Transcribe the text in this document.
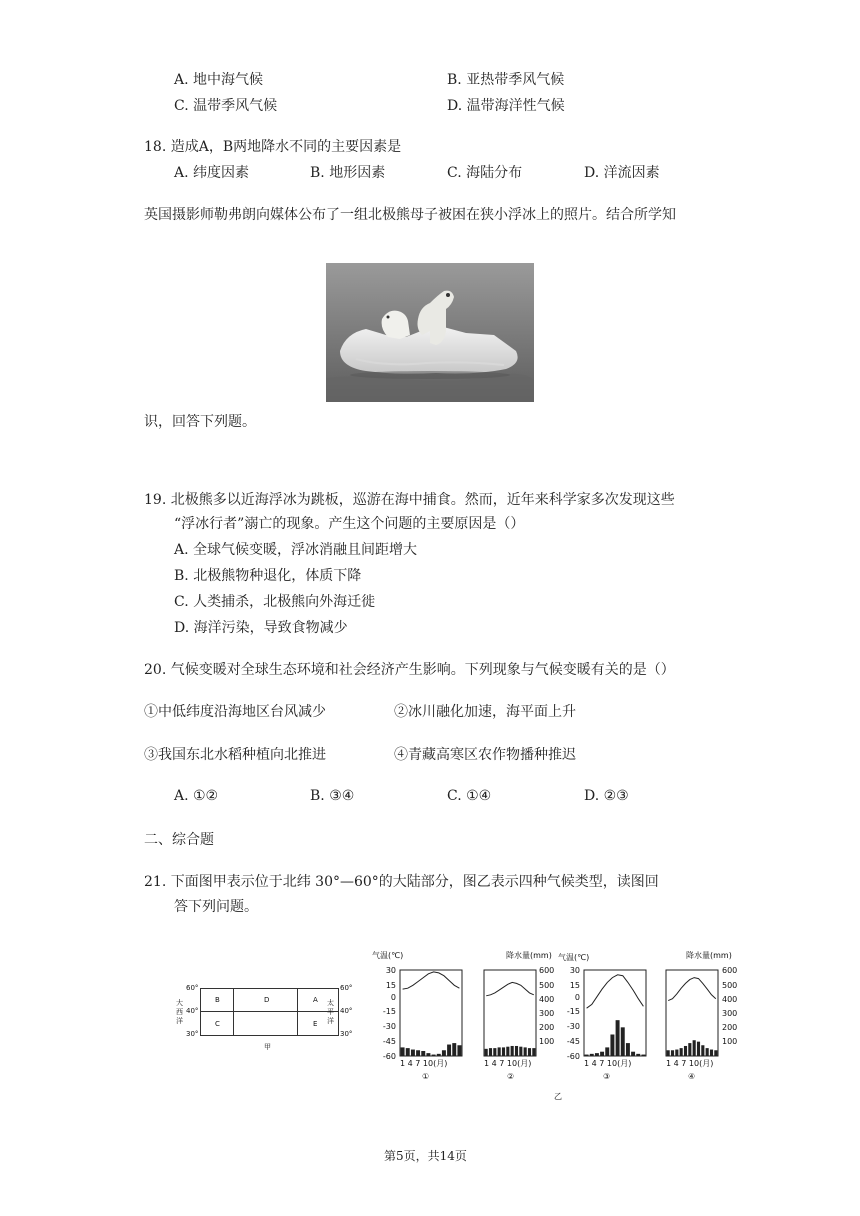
A. 地中海气候	B. 亚热带季风气候
C. 温带季风气候	D. 温带海洋性气候
18. 造成A，B两地降水不同的主要因素是
A. 纬度因素	B. 地形因素	C. 海陆分布	D. 洋流因素
英国摄影师勒弗朗向媒体公布了一组北极熊母子被困在狭小浮冰上的照片。结合所学知
识，回答下列题。
19. 北极熊多以近海浮冰为跳板，巡游在海中捕食。然而，近年来科学家多次发现这些
“浮冰行者”溺亡的现象。产生这个问题的主要原因是（）
A. 全球气候变暖，浮冰消融且间距增大
B. 北极熊物种退化，体质下降
C. 人类捕杀，北极熊向外海迁徙
D. 海洋污染，导致食物减少
20. 气候变暖对全球生态环境和社会经济产生影响。下列现象与气候变暖有关的是（）
①中低纬度沿海地区台风减少	②冰川融化加速，海平面上升
③我国东北水稻种植向北推进	④青藏高寒区农作物播种推迟
A. ①②	B. ③④	C. ①④	D. ②③
二、综合题
21. 下面图甲表示位于北纬 30°—60°的大陆部分，图乙表示四种气候类型，读图回
答下列问题。
60°
40°
30°
60°
40°
30°
大
西
洋
太
平
洋
B	D	A
C	E
甲
气温(℃)	降水量(mm) 气温(℃)	降水量(mm)
30
15
0
-15
-30
-45
-60
30
15
0
-15
-30
-45
-60
600
500
400
300
200
100
600
500
400
300
200
100
1 4 7 10(月)	1 4 7 10(月)	1 4 7 10(月)	1 4 7 10(月)
①	②	③	④
乙
第5页，共14页
